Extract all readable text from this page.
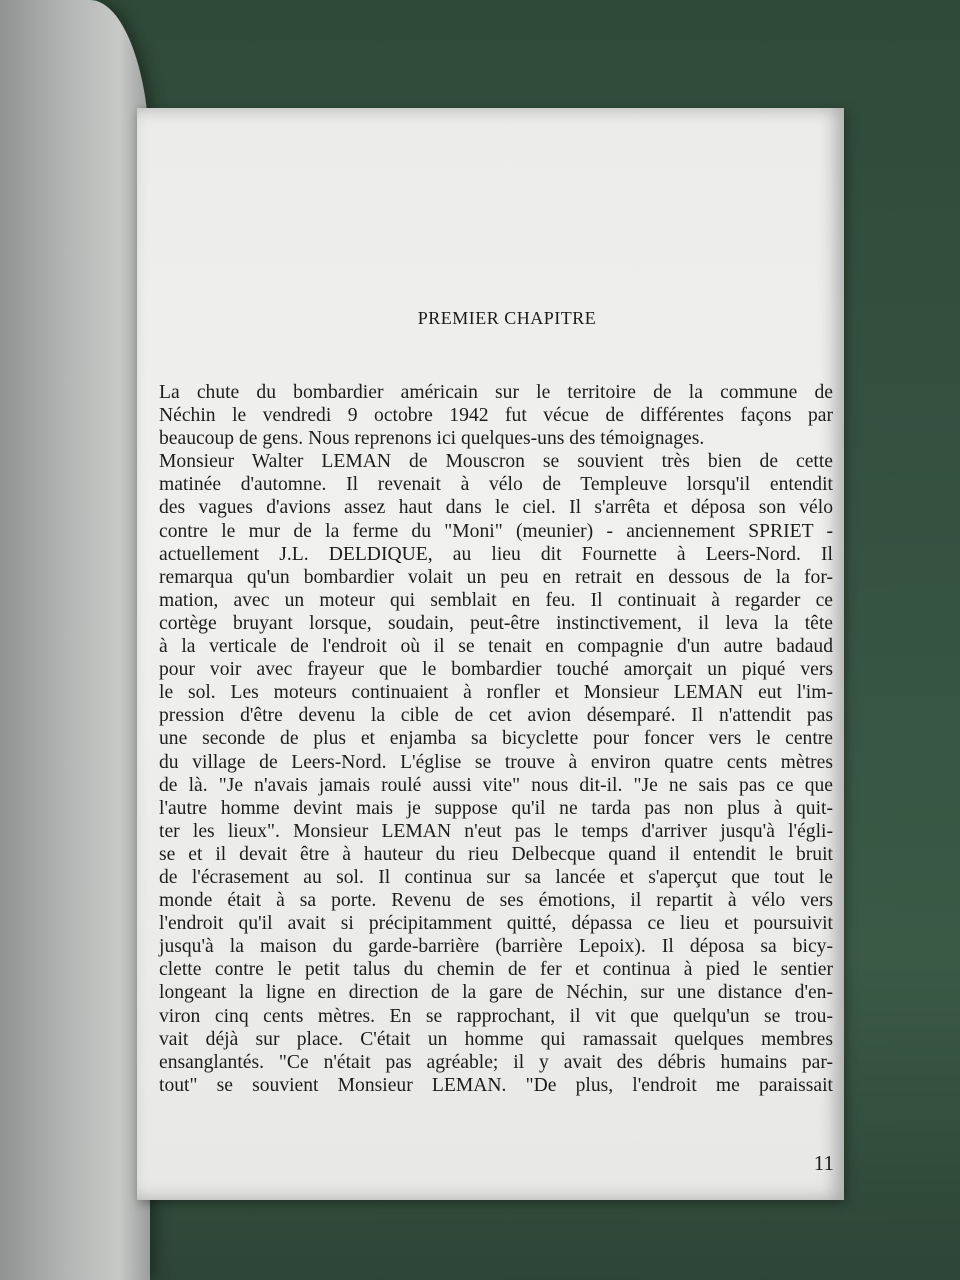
PREMIER CHAPITRE
La chute du bombardier américain sur le territoire de la commune de
Néchin le vendredi 9 octobre 1942 fut vécue de différentes façons par
beaucoup de gens. Nous reprenons ici quelques-uns des témoignages.
Monsieur Walter LEMAN de Mouscron se souvient très bien de cette
matinée d'automne. Il revenait à vélo de Templeuve lorsqu'il entendit
des vagues d'avions assez haut dans le ciel. Il s'arrêta et déposa son vélo
contre le mur de la ferme du "Moni" (meunier) - anciennement SPRIET -
actuellement J.L. DELDIQUE, au lieu dit Fournette à Leers-Nord. Il
remarqua qu'un bombardier volait un peu en retrait en dessous de la for-
mation, avec un moteur qui semblait en feu. Il continuait à regarder ce
cortège bruyant lorsque, soudain, peut-être instinctivement, il leva la tête
à la verticale de l'endroit où il se tenait en compagnie d'un autre badaud
pour voir avec frayeur que le bombardier touché amorçait un piqué vers
le sol. Les moteurs continuaient à ronfler et Monsieur LEMAN eut l'im-
pression d'être devenu la cible de cet avion désemparé. Il n'attendit pas
une seconde de plus et enjamba sa bicyclette pour foncer vers le centre
du village de Leers-Nord. L'église se trouve à environ quatre cents mètres
de là. "Je n'avais jamais roulé aussi vite" nous dit-il. "Je ne sais pas ce que
l'autre homme devint mais je suppose qu'il ne tarda pas non plus à quit-
ter les lieux". Monsieur LEMAN n'eut pas le temps d'arriver jusqu'à l'égli-
se et il devait être à hauteur du rieu Delbecque quand il entendit le bruit
de l'écrasement au sol. Il continua sur sa lancée et s'aperçut que tout le
monde était à sa porte. Revenu de ses émotions, il repartit à vélo vers
l'endroit qu'il avait si précipitamment quitté, dépassa ce lieu et poursuivit
jusqu'à la maison du garde-barrière (barrière Lepoix). Il déposa sa bicy-
clette contre le petit talus du chemin de fer et continua à pied le sentier
longeant la ligne en direction de la gare de Néchin, sur une distance d'en-
viron cinq cents mètres. En se rapprochant, il vit que quelqu'un se trou-
vait déjà sur place. C'était un homme qui ramassait quelques membres
ensanglantés. "Ce n'était pas agréable; il y avait des débris humains par-
tout" se souvient Monsieur LEMAN. "De plus, l'endroit me paraissait

11
